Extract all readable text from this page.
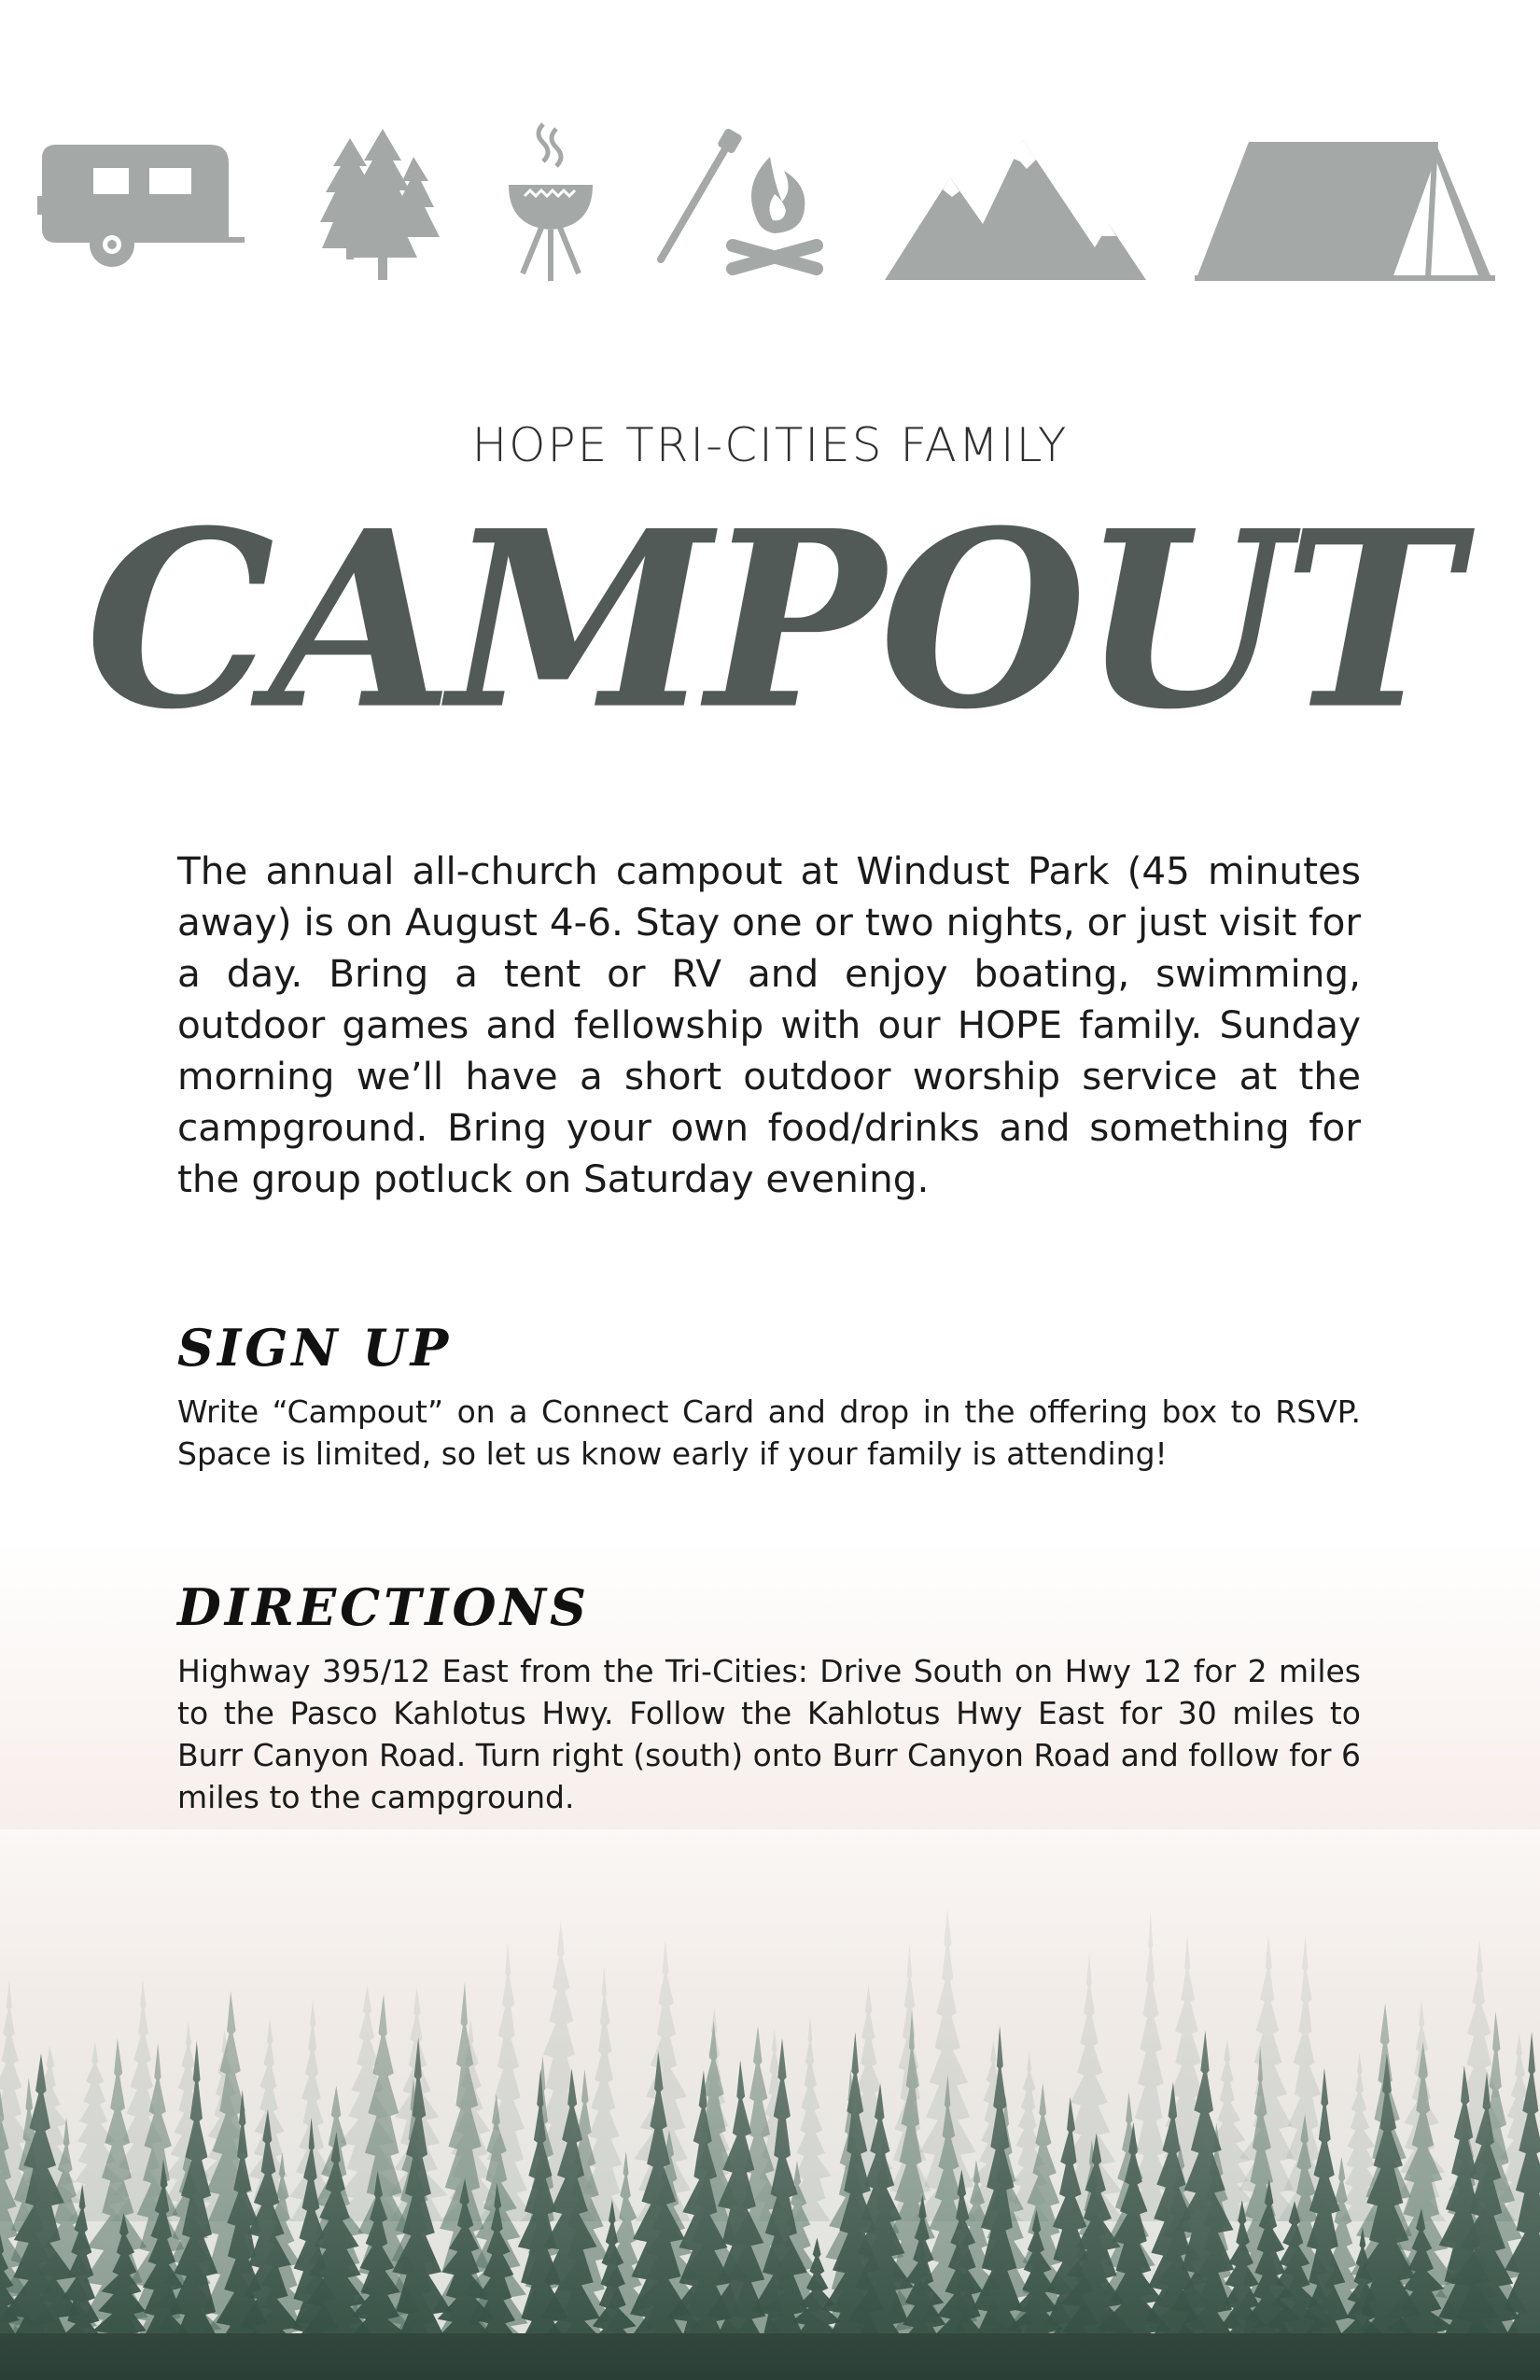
HOPE TRI-CITIES FAMILY
CAMPOUT

The annual all-church campout at Windust Park (45 minutes away) is on August 4-6. Stay one or two nights, or just visit for a day. Bring a tent or RV and enjoy boating, swimming, outdoor games and fellowship with our HOPE family. Sunday morning we’ll have a short outdoor worship service at the campground. Bring your own food/drinks and something for the group potluck on Saturday evening.

SIGN UP

Write “Campout” on a Connect Card and drop in the offering box to RSVP. Space is limited, so let us know early if your family is attending!

DIRECTIONS

Highway 395/12 East from the Tri-Cities: Drive South on Hwy 12 for 2 miles to the Pasco Kahlotus Hwy. Follow the Kahlotus Hwy East for 30 miles to Burr Canyon Road. Turn right (south) onto Burr Canyon Road and follow for 6 miles to the campground.
